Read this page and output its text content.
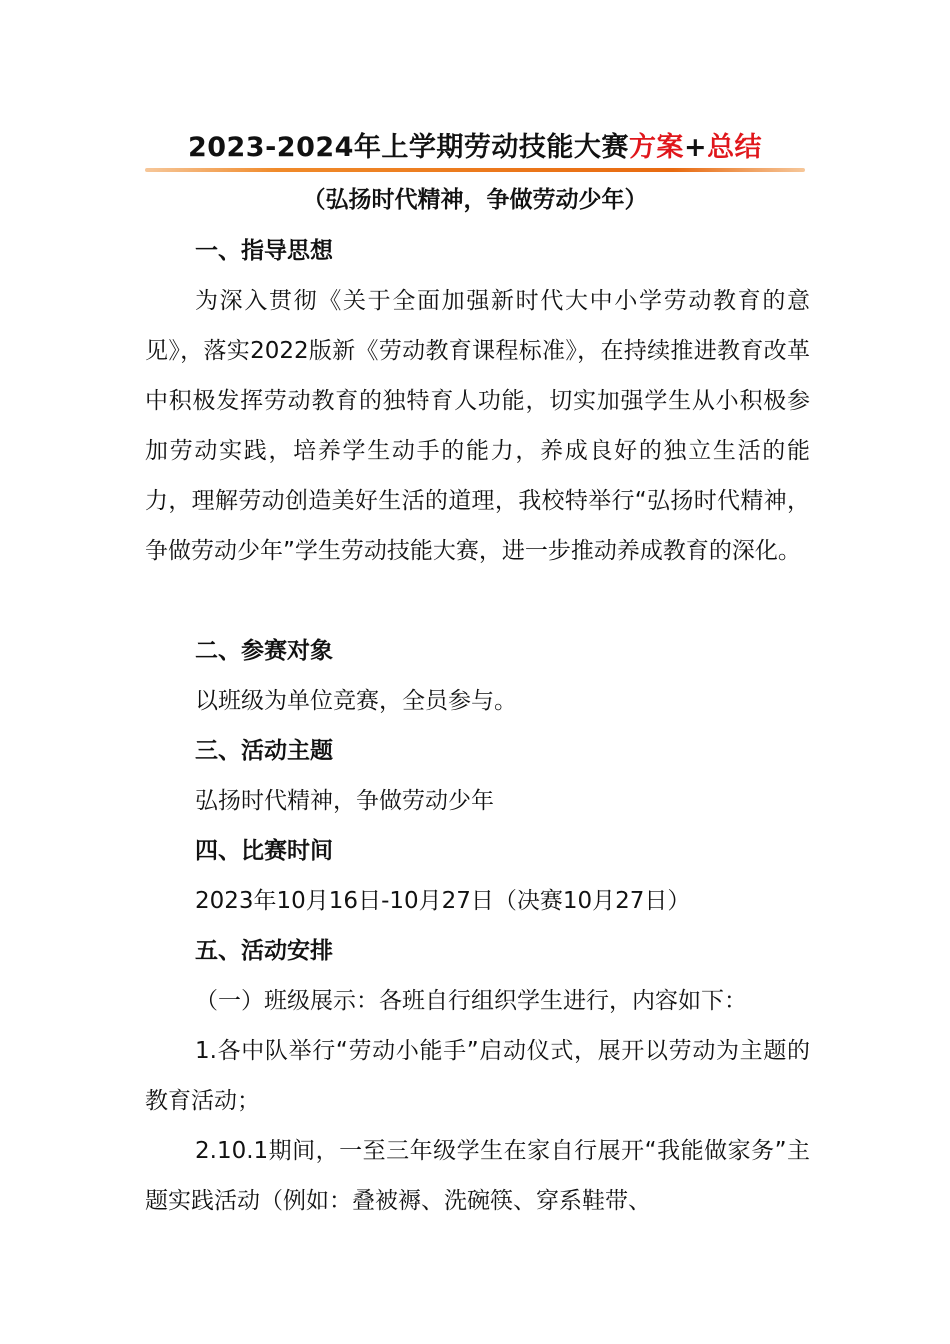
2023-2024年上学期劳动技能大赛方案+总结
（弘扬时代精神，争做劳动少年）
一、指导思想
为深入贯彻《关于全面加强新时代大中小学劳动教育的意见》，落实2022版新《劳动教育课程标准》，在持续推进教育改革中积极发挥劳动教育的独特育人功能，切实加强学生从小积极参加劳动实践，培养学生动手的能力，养成良好的独立生活的能力，理解劳动创造美好生活的道理，我校特举行“弘扬时代精神，争做劳动少年”学生劳动技能大赛，进一步推动养成教育的深化。
二、参赛对象
以班级为单位竞赛，全员参与。
三、活动主题
弘扬时代精神，争做劳动少年
四、比赛时间
2023年10月16日-10月27日（决赛10月27日）
五、活动安排
（一）班级展示：各班自行组织学生进行，内容如下：
1.各中队举行“劳动小能手”启动仪式，展开以劳动为主题的教育活动；
2.10.1期间，一至三年级学生在家自行展开“我能做家务”主题实践活动（例如：叠被褥、洗碗筷、穿系鞋带、
